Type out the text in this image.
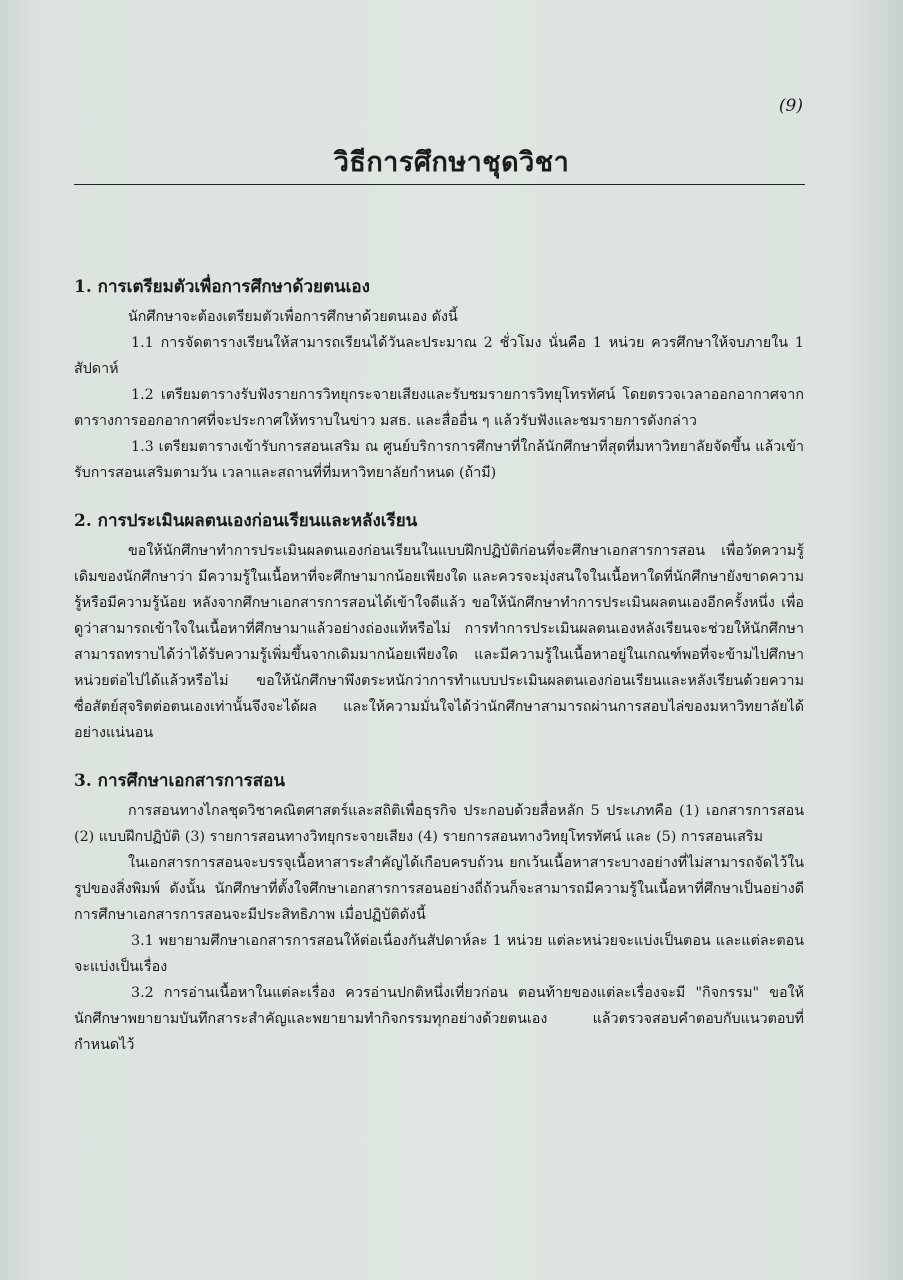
(9)
วิธีการศึกษาชุดวิชา
1. การเตรียมตัวเพื่อการศึกษาด้วยตนเอง

นักศึกษาจะต้องเตรียมตัวเพื่อการศึกษาด้วยตนเอง ดังนี้

1.1 การจัดตารางเรียนให้สามารถเรียนได้วันละประมาณ 2 ชั่วโมง นั่นคือ 1 หน่วย ควรศึกษาให้จบภายใน 1 สัปดาห์

1.2 เตรียมตารางรับฟังรายการวิทยุกระจายเสียงและรับชมรายการวิทยุโทรทัศน์ โดยตรวจเวลาออกอากาศจากตารางการออกอากาศที่จะประกาศให้ทราบในข่าว มสธ. และสื่ออื่น ๆ แล้วรับฟังและชมรายการดังกล่าว

1.3 เตรียมตารางเข้ารับการสอนเสริม ณ ศูนย์บริการการศึกษาที่ใกล้นักศึกษาที่สุดที่มหาวิทยาลัยจัดขึ้น แล้วเข้ารับการสอนเสริมตามวัน เวลาและสถานที่ที่มหาวิทยาลัยกำหนด (ถ้ามี)

2. การประเมินผลตนเองก่อนเรียนและหลังเรียน

ขอให้นักศึกษาทำการประเมินผลตนเองก่อนเรียนในแบบฝึกปฏิบัติก่อนที่จะศึกษาเอกสารการสอน เพื่อวัดความรู้เดิมของนักศึกษาว่า มีความรู้ในเนื้อหาที่จะศึกษามากน้อยเพียงใด และควรจะมุ่งสนใจในเนื้อหาใดที่นักศึกษายังขาดความรู้หรือมีความรู้น้อย หลังจากศึกษาเอกสารการสอนได้เข้าใจดีแล้ว ขอให้นักศึกษาทำการประเมินผลตนเองอีกครั้งหนึ่ง เพื่อดูว่าสามารถเข้าใจในเนื้อหาที่ศึกษามาแล้วอย่างถ่องแท้หรือไม่ การทำการประเมินผลตนเองหลังเรียนจะช่วยให้นักศึกษาสามารถทราบได้ว่าได้รับความรู้เพิ่มขึ้นจากเดิมมากน้อยเพียงใด และมีความรู้ในเนื้อหาอยู่ในเกณฑ์พอที่จะข้ามไปศึกษาหน่วยต่อไปได้แล้วหรือไม่ ขอให้นักศึกษาพึงตระหนักว่าการทำแบบประเมินผลตนเองก่อนเรียนและหลังเรียนด้วยความซื่อสัตย์สุจริตต่อตนเองเท่านั้นจึงจะได้ผล และให้ความมั่นใจได้ว่านักศึกษาสามารถผ่านการสอบไล่ของมหาวิทยาลัยได้อย่างแน่นอน

3. การศึกษาเอกสารการสอน

การสอนทางไกลชุดวิชาคณิตศาสตร์และสถิติเพื่อธุรกิจ ประกอบด้วยสื่อหลัก 5 ประเภทคือ (1) เอกสารการสอน (2) แบบฝึกปฏิบัติ (3) รายการสอนทางวิทยุกระจายเสียง (4) รายการสอนทางวิทยุโทรทัศน์ และ (5) การสอนเสริม

ในเอกสารการสอนจะบรรจุเนื้อหาสาระสำคัญได้เกือบครบถ้วน ยกเว้นเนื้อหาสาระบางอย่างที่ไม่สามารถจัดไว้ในรูปของสิ่งพิมพ์ ดังนั้น นักศึกษาที่ตั้งใจศึกษาเอกสารการสอนอย่างถี่ถ้วนก็จะสามารถมีความรู้ในเนื้อหาที่ศึกษาเป็นอย่างดี การศึกษาเอกสารการสอนจะมีประสิทธิภาพ เมื่อปฏิบัติดังนี้

3.1 พยายามศึกษาเอกสารการสอนให้ต่อเนื่องกันสัปดาห์ละ 1 หน่วย แต่ละหน่วยจะแบ่งเป็นตอน และแต่ละตอนจะแบ่งเป็นเรื่อง

3.2 การอ่านเนื้อหาในแต่ละเรื่อง ควรอ่านปกติหนึ่งเที่ยวก่อน ตอนท้ายของแต่ละเรื่องจะมี "กิจกรรม" ขอให้นักศึกษาพยายามบันทึกสาระสำคัญและพยายามทำกิจกรรมทุกอย่างด้วยตนเอง แล้วตรวจสอบคำตอบกับแนวตอบที่กำหนดไว้
